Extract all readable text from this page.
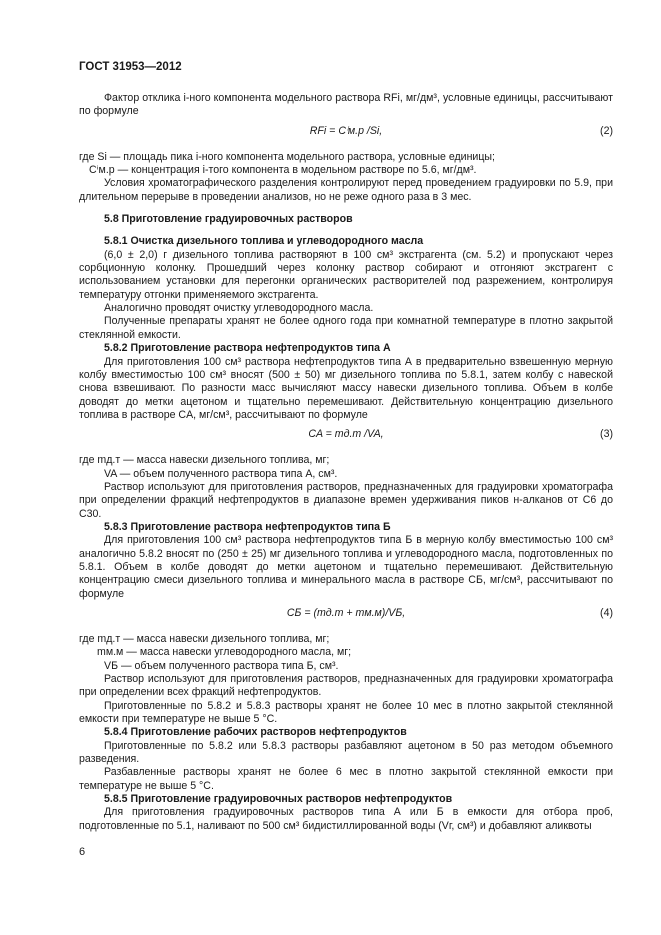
ГОСТ 31953—2012

Фактор отклика i-ного компонента модельного раствора RFi, мг/дм³, условные единицы, рассчитывают по формуле

RFi = Cⁱм.р /Si,	(2)

где Si — площадь пика i-ного компонента модельного раствора, условные единицы;

Cⁱм.р — концентрация i-того компонента в модельном растворе по 5.6, мг/дм³.

Условия хроматографического разделения контролируют перед проведением градуировки по 5.9, при длительном перерыве в проведении анализов, но не реже одного раза в 3 мес.

5.8 Приготовление градуировочных растворов

5.8.1 Очистка дизельного топлива и углеводородного масла

(6,0 ± 2,0) г дизельного топлива растворяют в 100 см³ экстрагента (см. 5.2) и пропускают через сорбционную колонку. Прошедший через колонку раствор собирают и отгоняют экстрагент с использованием установки для перегонки органических растворителей под разрежением, контролируя температуру отгонки применяемого экстрагента.

Аналогично проводят очистку углеводородного масла.

Полученные препараты хранят не более одного года при комнатной температуре в плотно закрытой стеклянной емкости.

5.8.2 Приготовление раствора нефтепродуктов типа А

Для приготовления 100 см³ раствора нефтепродуктов типа А в предварительно взвешенную мерную колбу вместимостью 100 см³ вносят (500 ± 50) мг дизельного топлива по 5.8.1, затем колбу с навеской снова взвешивают. По разности масс вычисляют массу навески дизельного топлива. Объем в колбе доводят до метки ацетоном и тщательно перемешивают. Действительную концентрацию дизельного топлива в растворе CA, мг/см³, рассчитывают по формуле

CA = mд.т /VA,	(3)

где mд.т — масса навески дизельного топлива, мг;

VA — объем полученного раствора типа А, см³.

Раствор используют для приготовления растворов, предназначенных для градуировки хроматографа при определении фракций нефтепродуктов в диапазоне времен удерживания пиков н-алканов от C6 до C30.

5.8.3 Приготовление раствора нефтепродуктов типа Б

Для приготовления 100 см³ раствора нефтепродуктов типа Б в мерную колбу вместимостью 100 см³ аналогично 5.8.2 вносят по (250 ± 25) мг дизельного топлива и углеводородного масла, подготовленных по 5.8.1. Объем в колбе доводят до метки ацетоном и тщательно перемешивают. Действительную концентрацию смеси дизельного топлива и минерального масла в растворе CБ, мг/см³, рассчитывают по формуле

CБ = (mд.т + mм.м)/VБ,	(4)

где mд.т — масса навески дизельного топлива, мг;

mм.м — масса навески углеводородного масла, мг;

VБ — объем полученного раствора типа Б, см³.

Раствор используют для приготовления растворов, предназначенных для градуировки хроматографа при определении всех фракций нефтепродуктов.

Приготовленные по 5.8.2 и 5.8.3 растворы хранят не более 10 мес в плотно закрытой стеклянной емкости при температуре не выше 5 °С.

5.8.4 Приготовление рабочих растворов нефтепродуктов

Приготовленные по 5.8.2 или 5.8.3 растворы разбавляют ацетоном в 50 раз методом объемного разведения.

Разбавленные растворы хранят не более 6 мес в плотно закрытой стеклянной емкости при температуре не выше 5 °С.

5.8.5 Приготовление градуировочных растворов нефтепродуктов

Для приготовления градуировочных растворов типа А или Б в емкости для отбора проб, подготовленные по 5.1, наливают по 500 см³ бидистиллированной воды (Vг, см³) и добавляют аликвоты

6
